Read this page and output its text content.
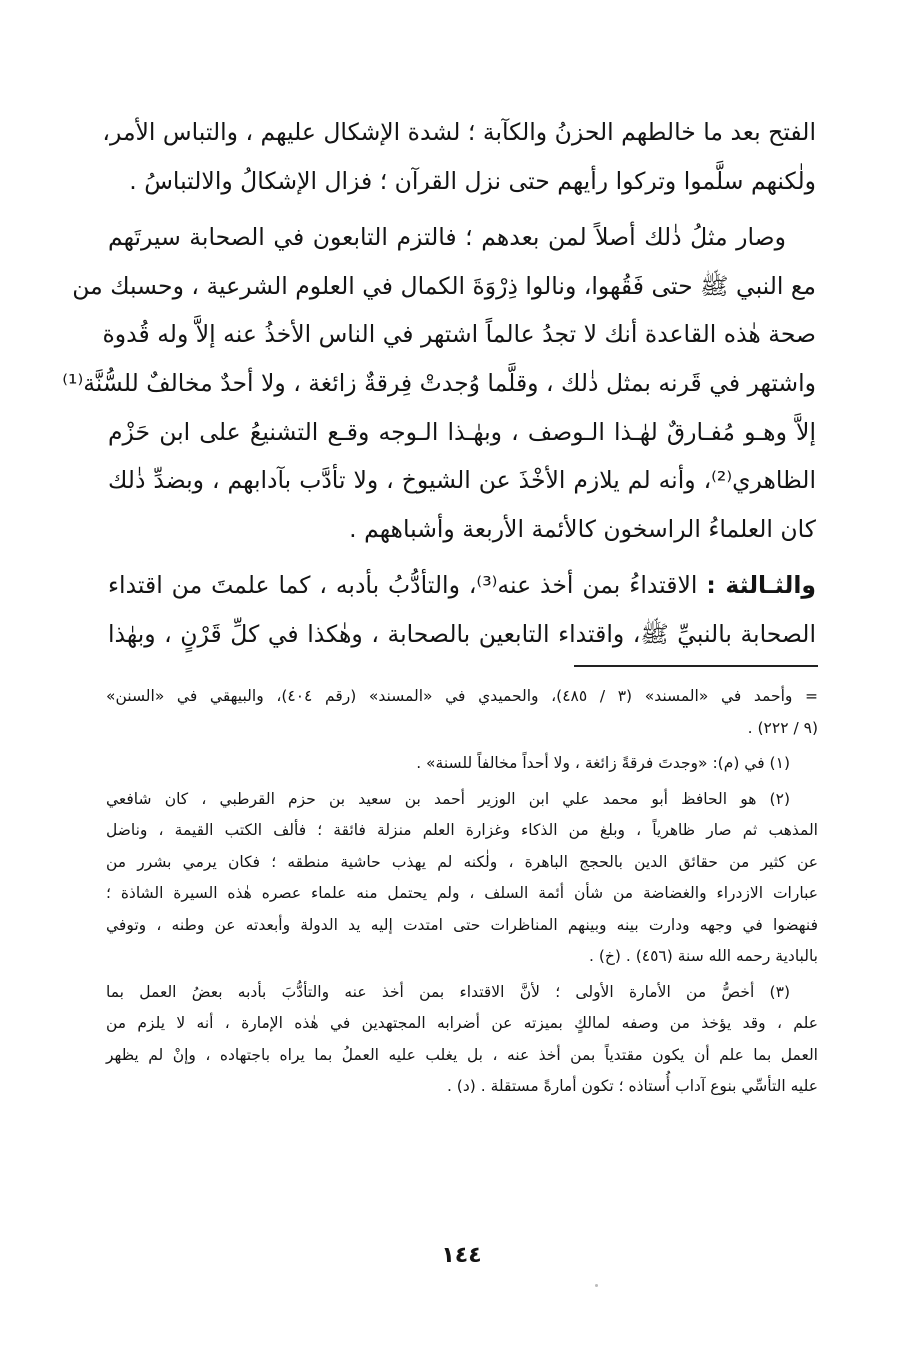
الفتح بعد ما خالطهم الحزنُ والكآبة ؛ لشدة الإشكال عليهم ، والتباس الأمر،
ولٰكنهم سلَّموا وتركوا رأيهم حتى نزل القرآن ؛ فزال الإشكالُ والالتباسُ .

وصار مثلُ ذٰلك أصلاً لمن بعدهم ؛ فالتزم التابعون في الصحابة سيرتَهم
مع النبي ﷺ حتى فَقُهوا، ونالوا ذِرْوَةَ الكمال في العلوم الشرعية ، وحسبك من
صحة هٰذه القاعدة أنك لا تجدُ عالماً اشتهر في الناس الأخذُ عنه إلاَّ وله قُدوة
واشتهر في قَرنه بمثل ذٰلك ، وقلَّما وُجدتْ فِرقةٌ زائغة ، ولا أحدٌ مخالفٌ للسُّنَّة⁽¹⁾
إلاَّ وهـو مُفـارقٌ لهٰـذا الـوصف ، وبهٰـذا الـوجه وقـع التشنيعُ على ابن حَزْم
الظاهري⁽²⁾، وأنه لم يلازم الأخْذَ عن الشيوخ ، ولا تأدَّب بآدابهم ، وبضدِّ ذٰلك
كان العلماءُ الراسخون كالأئمة الأربعة وأشباههم .

والثـالثة : الاقتداءُ بمن أخذ عنه⁽³⁾، والتأدُّبُ بأدبه ، كما علمتَ من اقتداء
الصحابة بالنبيِّ ﷺ، واقتداء التابعين بالصحابة ، وهٰكذا في كلِّ قَرْنٍ ، وبهٰذا

= وأحمد في «المسند» (٣ / ٤٨٥)، والحميدي في «المسند» (رقم ٤٠٤)، والبيهقي في «السنن»
(٩ / ٢٢٢) .

(١) في (م): «وجدتَ فرقةً زائغة ، ولا أحداً مخالفاً للسنة» .

(٢) هو الحافظ أبو محمد علي ابن الوزير أحمد بن سعيد بن حزم القرطبي ، كان شافعي
المذهب ثم صار ظاهرياً ، وبلغ من الذكاء وغزارة العلم منزلة فائقة ؛ فألف الكتب القيمة ، وناضل
عن كثير من حقائق الدين بالحجج الباهرة ، ولٰكنه لم يهذب حاشية منطقه ؛ فكان يرمي بشرر من
عبارات الازدراء والغضاضة من شأن أئمة السلف ، ولم يحتمل منه علماء عصره هٰذه السيرة الشاذة ؛
فنهضوا في وجهه ودارت بينه وبينهم المناظرات حتى امتدت إليه يد الدولة وأبعدته عن وطنه ، وتوفي
بالبادية رحمه الله سنة (٤٥٦) . (خ) .

(٣) أخصُّ من الأمارة الأولى ؛ لأنَّ الاقتداء بمن أخذ عنه والتأدُّبَ بأدبه بعضُ العمل بما
علم ، وقد يؤخذ من وصفه لمالكٍ بميزته عن أضرابه المجتهدين في هٰذه الإمارة ، أنه لا يلزم من
العمل بما علم أن يكون مقتدياً بمن أخذ عنه ، بل يغلب عليه العملُ بما يراه باجتهاده ، وإنْ لم يظهر
عليه التأسِّي بنوع آداب أُستاذه ؛ تكون أمارةً مستقلة . (د) .

١٤٤
